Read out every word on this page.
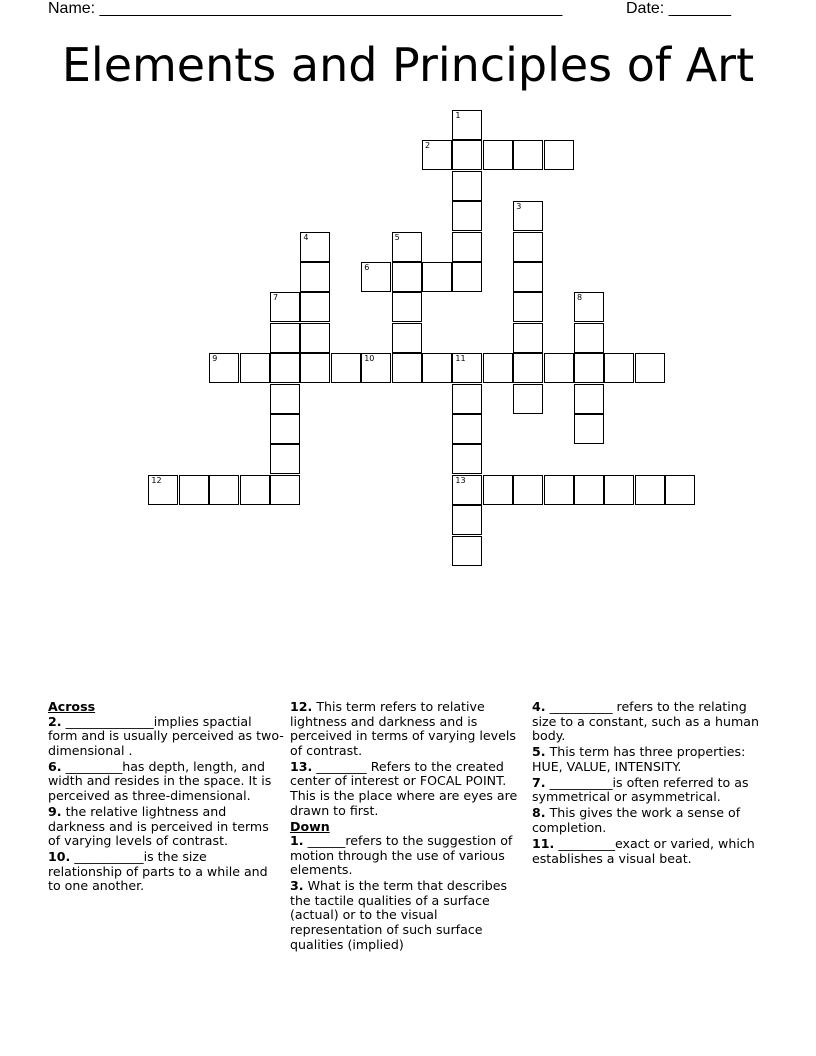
Name: ____________________________________________________	Date: _______
Elements and Principles of Art
1
2
3
4	5
6
7	8
9	10	11
12	13
Across
2. ______________implies spactial form and is usually perceived as two-dimensional .
6. _________has depth, length, and width and resides in the space. It is perceived as three-dimensional.
9. the relative lightness and darkness and is perceived in terms of varying levels of contrast.
10. ___________is the size relationship of parts to a while and to one another.
12. This term refers to relative lightness and darkness and is perceived in terms of varying levels of contrast.
13. ________ Refers to the created center of interest or FOCAL POINT. This is the place where are eyes are drawn to first.
Down
1. ______refers to the suggestion of motion through the use of various elements.
3. What is the term that describes the tactile qualities of a surface (actual) or to the visual representation of such surface qualities (implied)
4. __________ refers to the relating size to a constant, such as a human body.
5. This term has three properties: HUE, VALUE, INTENSITY.
7. __________is often referred to as symmetrical or asymmetrical.
8. This gives the work a sense of completion.
11. _________exact or varied, which establishes a visual beat.
